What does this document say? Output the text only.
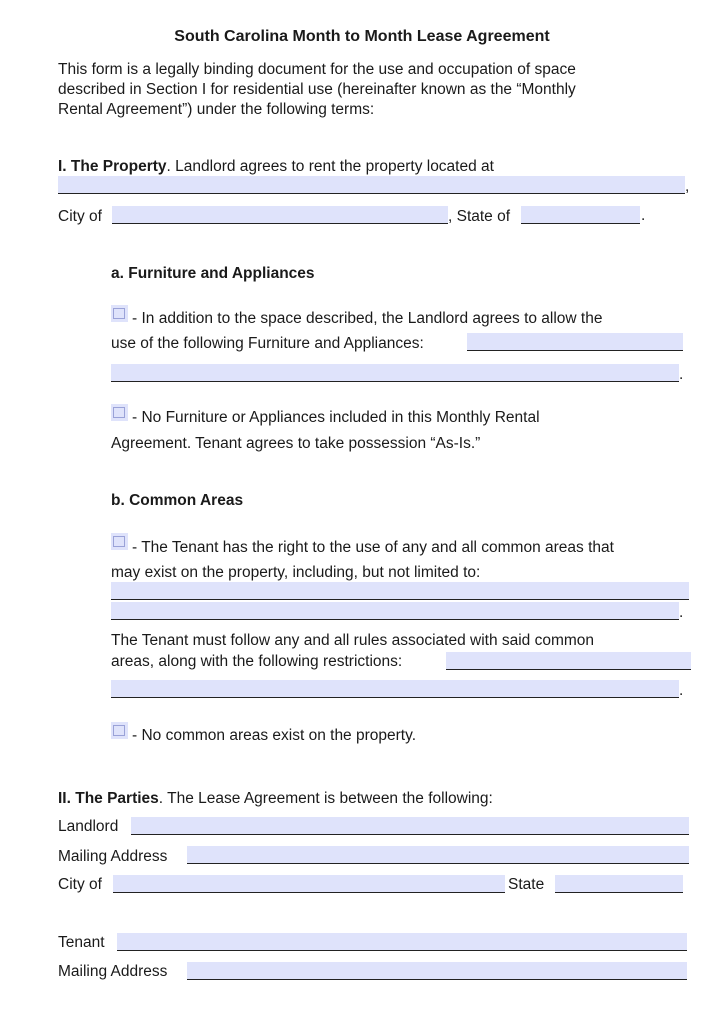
South Carolina Month to Month Lease Agreement
This form is a legally binding document for the use and occupation of space
described in Section I for residential use (hereinafter known as the “Monthly
Rental Agreement”) under the following terms:
I. The Property. Landlord agrees to rent the property located at
,
City of	, State of	.
a. Furniture and Appliances
- In addition to the space described, the Landlord agrees to allow the
use of the following Furniture and Appliances:
.
- No Furniture or Appliances included in this Monthly Rental
Agreement. Tenant agrees to take possession “As-Is.”
b. Common Areas
- The Tenant has the right to the use of any and all common areas that
may exist on the property, including, but not limited to:
.
The Tenant must follow any and all rules associated with said common
areas, along with the following restrictions:
.
- No common areas exist on the property.
II. The Parties. The Lease Agreement is between the following:
Landlord
Mailing Address
City of	State
Tenant
Mailing Address
